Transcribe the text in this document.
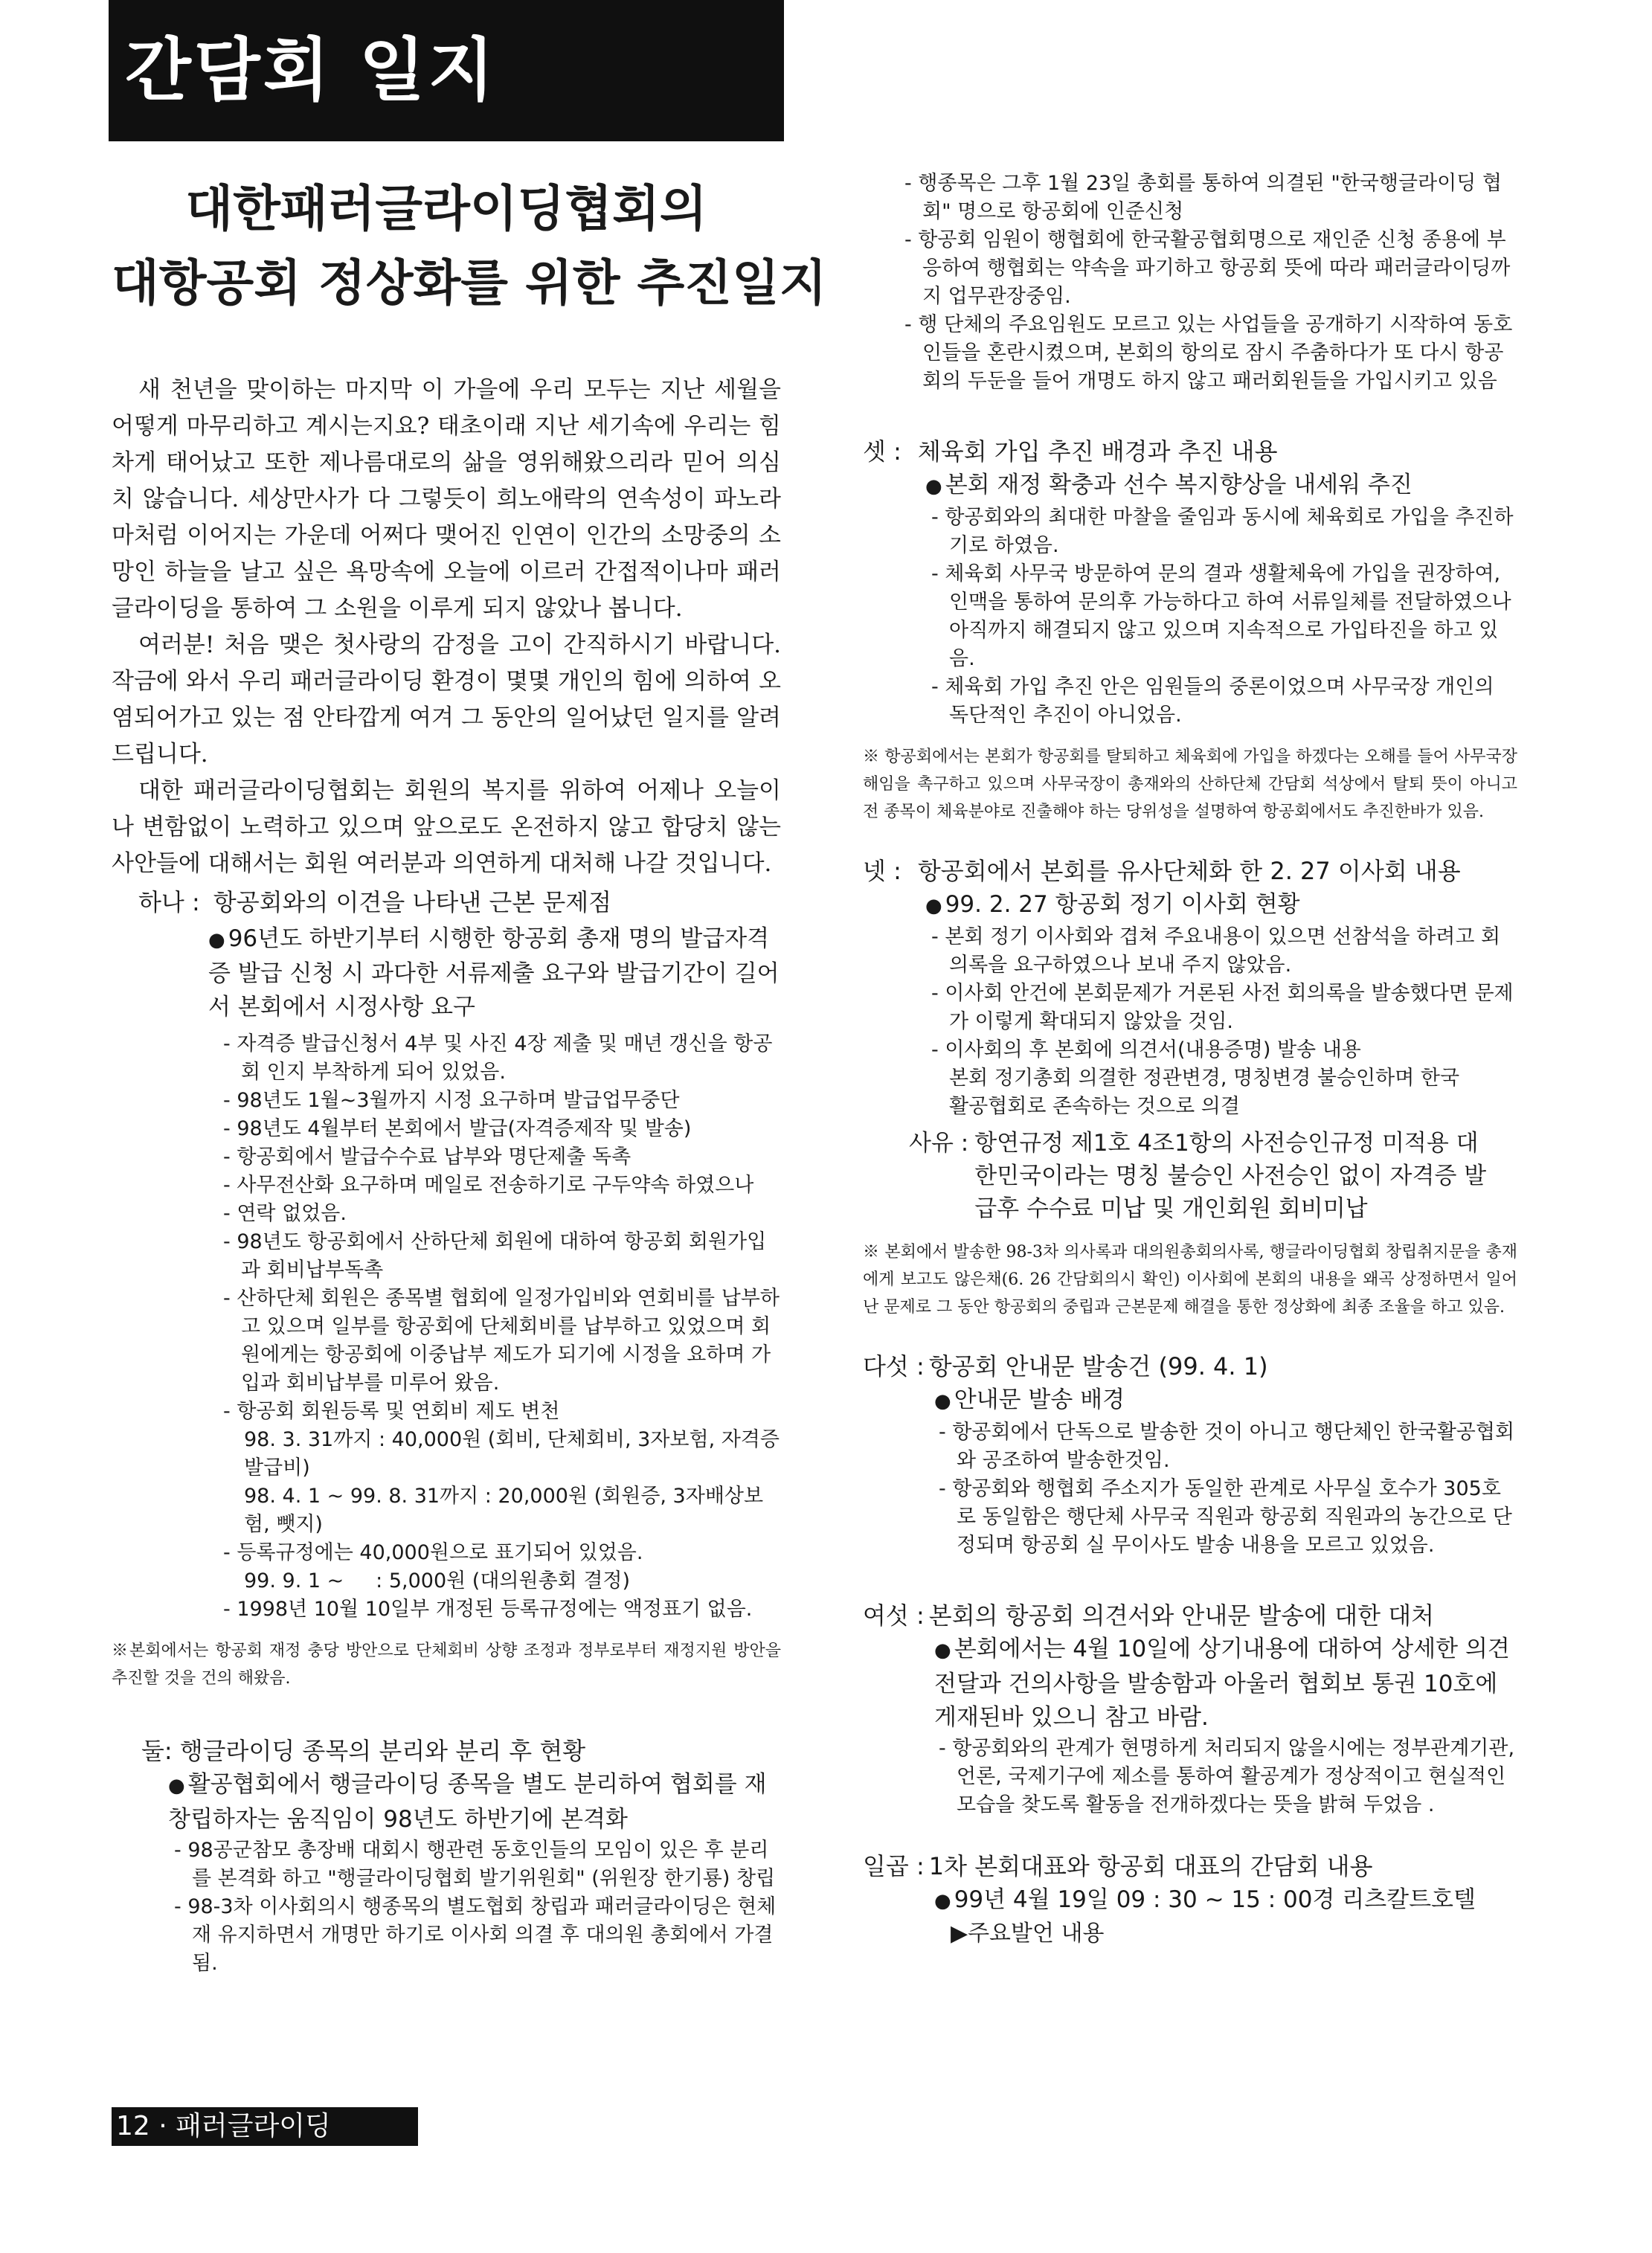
간담회 일지
대한패러글라이딩협회의
대항공회 정상화를 위한 추진일지

새 천년을 맞이하는 마지막 이 가을에 우리 모두는 지난 세월을 어떻게 마무리하고 계시는지요? 태초이래 지난 세기속에 우리는 힘차게 태어났고 또한 제나름대로의 삶을 영위해왔으리라 믿어 의심치 않습니다. 세상만사가 다 그렇듯이 희노애락의 연속성이 파노라마처럼 이어지는 가운데 어쩌다 맺어진 인연이 인간의 소망중의 소망인 하늘을 날고 싶은 욕망속에 오늘에 이르러 간접적이나마 패러글라이딩을 통하여 그 소원을 이루게 되지 않았나 봅니다.

여러분! 처음 맺은 첫사랑의 감정을 고이 간직하시기 바랍니다. 작금에 와서 우리 패러글라이딩 환경이 몇몇 개인의 힘에 의하여 오염되어가고 있는 점 안타깝게 여겨 그 동안의 일어났던 일지를 알려드립니다.

대한 패러글라이딩협회는 회원의 복지를 위하여 어제나 오늘이나 변함없이 노력하고 있으며 앞으로도 온전하지 않고 합당치 않는 사안들에 대해서는 회원 여러분과 의연하게 대처해 나갈 것입니다.

하나 : 항공회와의 이견을 나타낸 근본 문제점
● 96년도 하반기부터 시행한 항공회 총재 명의 발급자격증 발급 신청 시 과다한 서류제출 요구와 발급기간이 길어서 본회에서 시정사항 요구
- 자격증 발급신청서 4부 및 사진 4장 제출 및 매년 갱신을 항공회 인지 부착하게 되어 있었음.
- 98년도 1월~3월까지 시정 요구하며 발급업무중단
- 98년도 4월부터 본회에서 발급(자격증제작 및 발송)
- 항공회에서 발급수수료 납부와 명단제출 독촉
- 사무전산화 요구하며 메일로 전송하기로 구두약속 하였으나
- 연락 없었음.
- 98년도 항공회에서 산하단체 회원에 대하여 항공회 회원가입과 회비납부독촉
- 산하단체 회원은 종목별 협회에 일정가입비와 연회비를 납부하고 있으며 일부를 항공회에 단체회비를 납부하고 있었으며 회원에게는 항공회에 이중납부 제도가 되기에 시정을 요하며 가입과 회비납부를 미루어 왔음.
- 항공회 회원등록 및 연회비 제도 변천
98. 3. 31까지 : 40,000원 (회비, 단체회비, 3자보험, 자격증발급비)
98. 4. 1 ~ 99. 8. 31까지 : 20,000원 (회원증, 3자배상보험, 뺏지)
- 등록규정에는 40,000원으로 표기되어 있었음.
99. 9. 1 ~     : 5,000원 (대의원총회 결정)
- 1998년 10월 10일부 개정된 등록규정에는 액정표기 없음.
※본회에서는 항공회 재정 충당 방안으로 단체회비 상향 조정과 정부로부터 재정지원 방안을 추진할 것을 건의 해왔음.
둘: 행글라이딩 종목의 분리와 분리 후 현황
● 활공협회에서 행글라이딩 종목을 별도 분리하여 협회를 재창립하자는 움직임이 98년도 하반기에 본격화
- 98공군참모 총장배 대회시 행관련 동호인들의 모임이 있은 후 분리를 본격화 하고 "행글라이딩협회 발기위원회" (위원장 한기룡) 창립
- 98-3차 이사회의시 행종목의 별도협회 창립과 패러글라이딩은 현체재 유지하면서 개명만 하기로 이사회 의결 후 대의원 총회에서 가결됨.
- 행종목은 그후 1월 23일 총회를 통하여 의결된 "한국행글라이딩 협회" 명으로 항공회에 인준신청
- 항공회 임원이 행협회에 한국활공협회명으로 재인준 신청 종용에 부응하여 행협회는 약속을 파기하고 항공회 뜻에 따라 패러글라이딩까지 업무관장중임.
- 행 단체의 주요임원도 모르고 있는 사업들을 공개하기 시작하여 동호인들을 혼란시켰으며, 본회의 항의로 잠시 주춤하다가 또 다시 항공회의 두둔을 들어 개명도 하지 않고 패러회원들을 가입시키고 있음
셋 : 체육회 가입 추진 배경과 추진 내용
● 본회 재정 확충과 선수 복지향상을 내세워 추진
- 항공회와의 최대한 마찰을 줄임과 동시에 체육회로 가입을 추진하기로 하였음.
- 체육회 사무국 방문하여 문의 결과 생활체육에 가입을 권장하여, 인맥을 통하여 문의후 가능하다고 하여 서류일체를 전달하였으나 아직까지 해결되지 않고 있으며 지속적으로 가입타진을 하고 있음.
- 체육회 가입 추진 안은 임원들의 중론이었으며 사무국장 개인의 독단적인 추진이 아니었음.
※ 항공회에서는 본회가 항공회를 탈퇴하고 체육회에 가입을 하겠다는 오해를 들어 사무국장 해임을 촉구하고 있으며 사무국장이 총재와의 산하단체 간담회 석상에서 탈퇴 뜻이 아니고 전 종목이 체육분야로 진출해야 하는 당위성을 설명하여 항공회에서도 추진한바가 있음.
넷 : 항공회에서 본회를 유사단체화 한 2. 27 이사회 내용
● 99. 2. 27 항공회 정기 이사회 현황
- 본회 정기 이사회와 겹쳐 주요내용이 있으면 선참석을 하려고 회의록을 요구하였으나 보내 주지 않았음.
- 이사회 안건에 본회문제가 거론된 사전 회의록을 발송했다면 문제가 이렇게 확대되지 않았을 것임.
- 이사회의 후 본회에 의견서(내용증명) 발송 내용
본회 정기총회 의결한 정관변경, 명칭변경 불승인하며 한국활공협회로 존속하는 것으로 의결
사유 : 항연규정 제1호 4조1항의 사전승인규정 미적용 대한민국이라는 명칭 불승인 사전승인 없이 자격증 발급후 수수료 미납 및 개인회원 회비미납
※ 본회에서 발송한 98-3차 의사록과 대의원총회의사록, 행글라이딩협회 창립취지문을 총재에게 보고도 않은채(6. 26 간담회의시 확인) 이사회에 본회의 내용을 왜곡 상정하면서 일어난 문제로 그 동안 항공회의 중립과 근본문제 해결을 통한 정상화에 최종 조율을 하고 있음.
다섯 : 항공회 안내문 발송건 (99. 4. 1)
● 안내문 발송 배경
- 항공회에서 단독으로 발송한 것이 아니고 행단체인 한국활공협회와 공조하여 발송한것임.
- 항공회와 행협회 주소지가 동일한 관계로 사무실 호수가 305호로 동일함은 행단체 사무국 직원과 항공회 직원과의 농간으로 단정되며 항공회 실 무이사도 발송 내용을 모르고 있었음.
여섯 : 본회의 항공회 의견서와 안내문 발송에 대한 대처
● 본회에서는 4월 10일에 상기내용에 대하여 상세한 의견전달과 건의사항을 발송함과 아울러 협회보 통권 10호에 게재된바 있으니 참고 바람.
- 항공회와의 관계가 현명하게 처리되지 않을시에는 정부관계기관, 언론, 국제기구에 제소를 통하여 활공계가 정상적이고 현실적인 모습을 찾도록 활동을 전개하겠다는 뜻을 밝혀 두었음 .
일곱 : 1차 본회대표와 항공회 대표의 간담회 내용
● 99년 4월 19일 09 : 30 ~ 15 : 00경 리츠칼트호텔
▶주요발언 내용
12 · 패러글라이딩
